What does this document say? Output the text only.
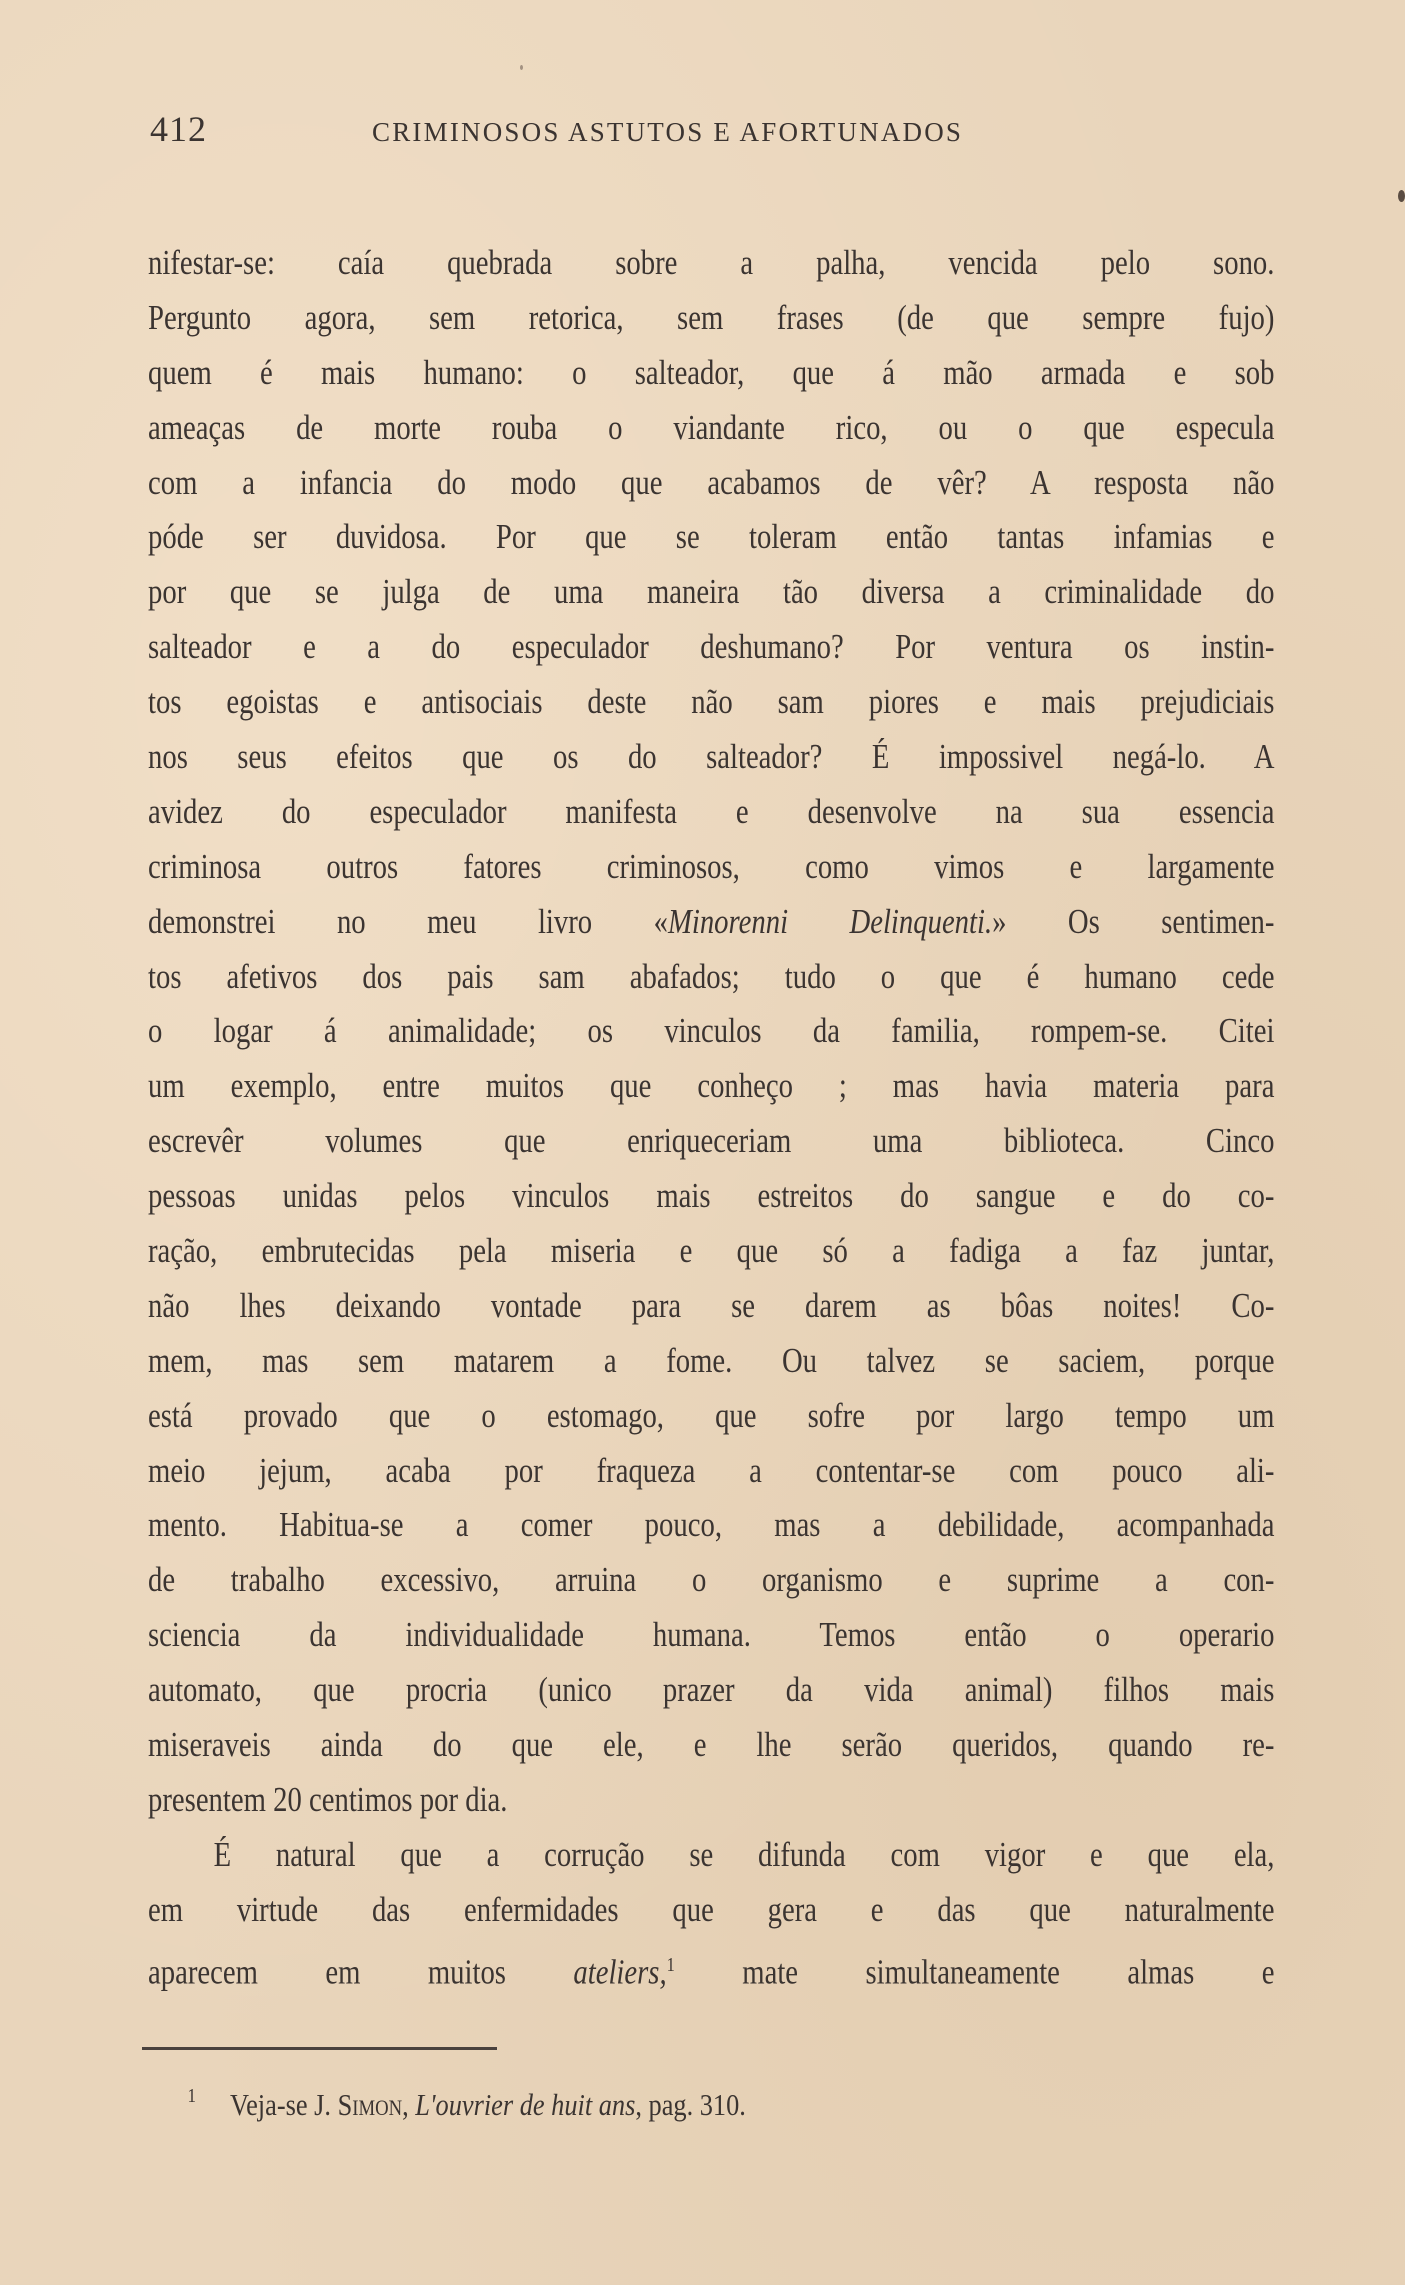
412	CRIMINOSOS ASTUTOS E AFORTUNADOS
nifestar-se: caía quebrada sobre a palha, vencida pelo sono.
Pergunto agora, sem retorica, sem frases (de que sempre fujo)
quem é mais humano: o salteador, que á mão armada e sob
ameaças de morte rouba o viandante rico, ou o que especula
com a infancia do modo que acabamos de vêr? A resposta não
póde ser duvidosa. Por que se toleram então tantas infamias e
por que se julga de uma maneira tão diversa a criminalidade do
salteador e a do especulador deshumano? Por ventura os instin-
tos egoistas e antisociais deste não sam piores e mais prejudiciais
nos seus efeitos que os do salteador? É impossivel negá-lo. A
avidez do especulador manifesta e desenvolve na sua essencia
criminosa outros fatores criminosos, como vimos e largamente
demonstrei no meu livro «Minorenni Delinquenti.» Os sentimen-
tos afetivos dos pais sam abafados; tudo o que é humano cede
o logar á animalidade; os vinculos da familia, rompem-se. Citei
um exemplo, entre muitos que conheço ; mas havia materia para
escrevêr volumes que enriqueceriam uma biblioteca. Cinco
pessoas unidas pelos vinculos mais estreitos do sangue e do co-
ração, embrutecidas pela miseria e que só a fadiga a faz juntar,
não lhes deixando vontade para se darem as bôas noites! Co-
mem, mas sem matarem a fome. Ou talvez se saciem, porque
está provado que o estomago, que sofre por largo tempo um
meio jejum, acaba por fraqueza a contentar-se com pouco ali-
mento. Habitua-se a comer pouco, mas a debilidade, acompanhada
de trabalho excessivo, arruina o organismo e suprime a con-
sciencia da individualidade humana. Temos então o operario
automato, que procria (unico prazer da vida animal) filhos mais
miseraveis ainda do que ele, e lhe serão queridos, quando re-
presentem 20 centimos por dia.
É natural que a corrução se difunda com vigor e que ela,
em virtude das enfermidades que gera e das que naturalmente
aparecem em muitos ateliers,$^1$ mate simultaneamente almas e
1 Veja-se J. Simon, L'ouvrier de huit ans, pag. 310.
